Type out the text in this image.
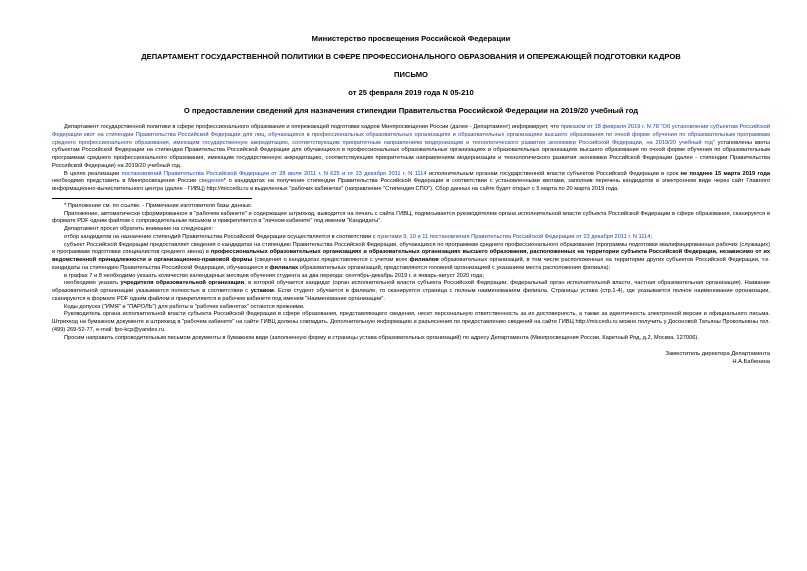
Министерство просвещения Российской Федерации
ДЕПАРТАМЕНТ ГОСУДАРСТВЕННОЙ ПОЛИТИКИ В СФЕРЕ ПРОФЕССИОНАЛЬНОГО ОБРАЗОВАНИЯ И ОПЕРЕЖАЮЩЕЙ ПОДГОТОВКИ КАДРОВ
ПИСЬМО
от 25 февраля 2019 года N 05-210
О предоставлении сведений для назначения стипендии Правительства Российской Федерации на 2019/20 учебный год

Департамент государственной политики в сфере профессионального образования и опережающей подготовки кадров Минпросвещения России (далее - Департамент) информирует, что приказом от 18 февраля 2019 г. N 78 "Об установлении субъектам Российской Федерации квот на стипендии Правительства Российской Федерации для лиц, обучающихся в профессиональных образовательных организациях и образовательных организациях высшего образования по очной форме обучения по образовательным программам среднего профессионального образования, имеющим государственную аккредитацию, соответствующим приоритетным направлениям модернизации и технологического развития экономики Российской Федерации, на 2019/20 учебный год" установлены квоты субъектам Российской Федерации на стипендии Правительства Российской Федерации для обучающихся в профессиональных образовательных организациях и образовательных организациях высшего образования по очной форме обучения по образовательным программам среднего профессионального образования, имеющим государственную аккредитацию, соответствующим приоритетным направлениям модернизации и технологического развития экономики Российской Федерации (далее - стипендии Правительства Российской Федерации) на 2019/20 учебный год.

В целях реализации постановлений Правительства Российской Федерации от 28 июля 2011 г. N 625 и от 23 декабря 2011 г. N 1114 исполнительным органам государственной власти субъектов Российской Федерации в срок не позднее 15 марта 2019 года необходимо представить в Минпросвещения России сведения* о кандидатах на получение стипендии Правительства Российской Федерации в соответствии с установленными квотами, заполнив перечень кандидатов в электронном виде через сайт Главного информационно-вычислительного центра (далее - ГИВЦ) http://miccedu.ru в выделенных "рабочих кабинетах" (направление "Стипендия СПО"). Сбор данных на сайте будет открыт с 5 марта по 20 марта 2019 года.

* Приложение см. по ссылке. - Примечание изготовителя базы данных.

Приложение, автоматически сформированное в "рабочем кабинете" и содержащее штрихкод, выводится на печать с сайта ГИВЦ, подписывается руководителем органа исполнительной власти субъекта Российской Федерации в сфере образования, сканируется в формате PDF одним файлом с сопроводительным письмом и прикрепляется в "личном кабинете" под именем "Кандидаты".

Департамент просит обратить внимание на следующее:

отбор кандидатов на назначение стипендий Правительства Российской Федерации осуществляется в соответствии с пунктами 9, 10 и 11 постановления Правительства Российской Федерации от 23 декабря 2011 г. N 1114;

субъект Российской Федерации предоставляет сведения о кандидатах на стипендию Правительства Российской Федерации, обучающихся по программам среднего профессионального образования (программы подготовки квалифицированных рабочих (служащих) и программам подготовки специалистов среднего звена) в профессиональных образовательных организациях и образовательных организациях высшего образования, расположенных на территории субъекта Российской Федерации, независимо от их ведомственной принадлежности и организационно-правовой формы (сведения о кандидатах предоставляются с учетом всех филиалов образовательных организаций, в том числе расположенных на территории других субъектов Российской Федерации, т.е. кандидаты на стипендию Правительства Российской Федерации, обучающиеся в филиалах образовательных организаций, представляются головной организацией с указанием места расположения филиала);

в графах 7 и 8 необходимо указать количество календарных месяцев обучения студента за два периода: сентябрь-декабрь 2019 г. и январь-август 2020 года;

необходимо указать учредителя образовательной организации, в которой обучается кандидат (орган исполнительной власти субъекта Российской Федерации, федеральный орган исполнительной власти, частная образовательная организация). Название образовательной организации указывается полностью в соответствии с уставом. Если студент обучается в филиале, то сканируется страница с полным наименованием филиала. Страницы устава (стр.1-4), где указывается полное наименование организации, сканируются в формате PDF одним файлом и прикрепляются в рабочем кабинете под именем "Наименование организации".

Коды допуска ("ИМЯ" и "ПАРОЛЬ") для работы в "рабочих кабинетах" остаются прежними.

Руководитель органа исполнительной власти субъекта Российской Федерации в сфере образования, представляющего сведения, несет персональную ответственность за их достоверность, а также за идентичность электронной версии и официального письма. Штрихкод на бумажном документе и штрихкод в "рабочем кабинете" на сайте ГИВЦ должны совпадать. Дополнительную информацию и разъяснения по предоставлению сведений на сайте ГИВЦ http://miccedu.ru можно получить у Досоновой Татьяны Прокопьевны тел. (499) 269-52-77, e-mail: fpo-kcp@yandex.ru.

Просим направить сопроводительным письмом документы в бумажном виде (заполненную форму и страницы устава образовательных организаций) по адресу Департамента (Минпросвещения России, Каретный Ряд, д.2, Москва, 127006).

Заместитель директора Департамента
Н.А.Бабенина
